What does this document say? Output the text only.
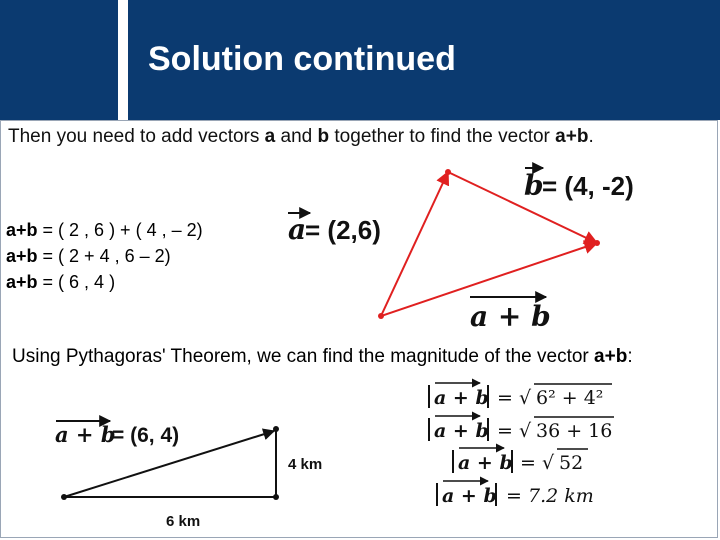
Solution continued
Then you need to add vectors a and b together to find the vector a+b.
a+b = ( 2 , 6 ) + ( 4 , – 2)
a+b = ( 2 + 4 , 6 – 2)
a+b = ( 6 , 4 )
b
= (4, -2)
a
= (2,6)
a + b
a + b
= (6, 4)
4 km
6 km
a + b = √ 6² + 4²
a + b = √ 36 + 16
a + b = √ 52
a + b = 7.2 km
Using Pythagoras' Theorem, we can find the magnitude of the vector a+b:
